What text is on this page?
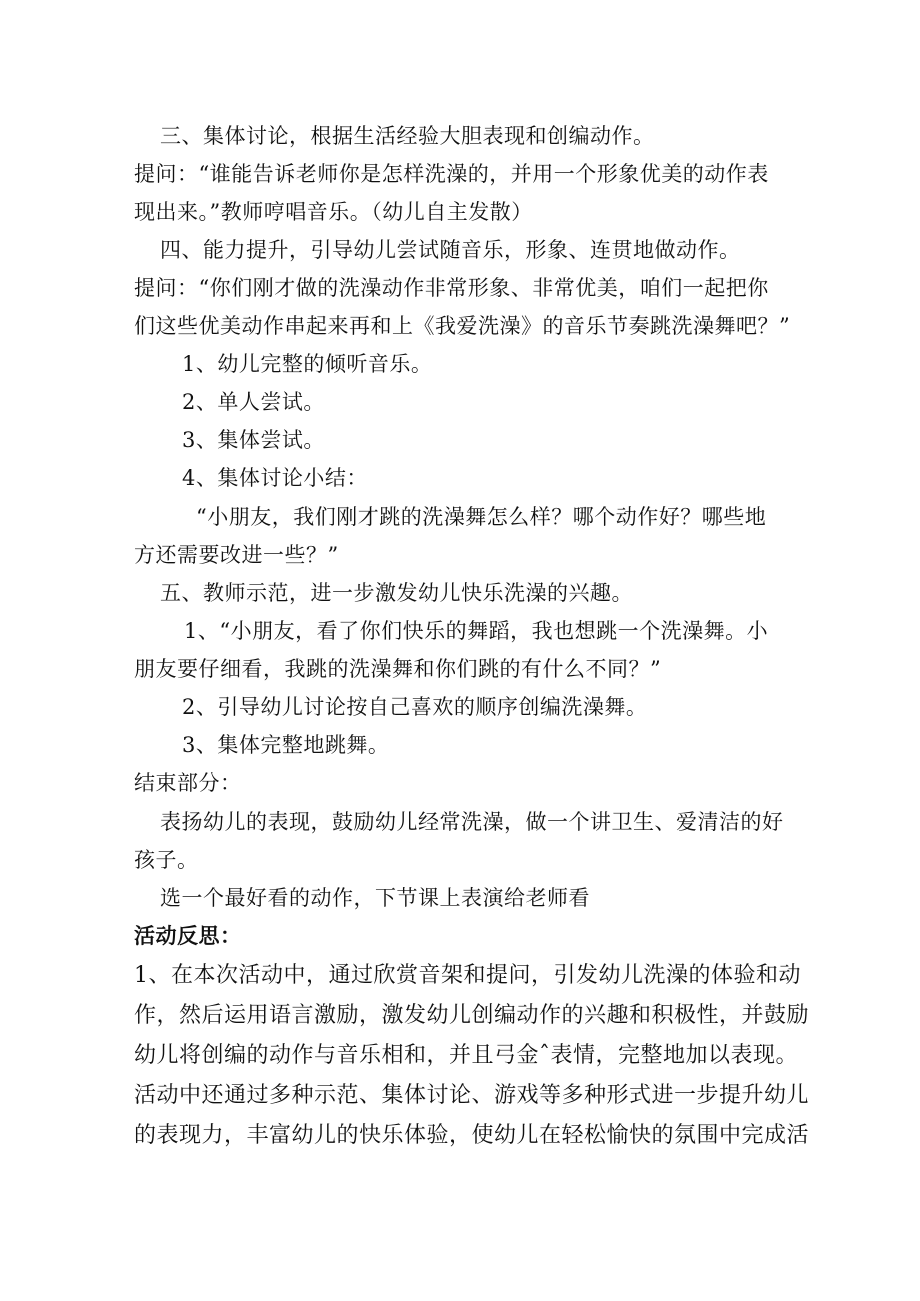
三、集体讨论，根据生活经验大胆表现和创编动作。
提问：“谁能告诉老师你是怎样洗澡的，并用一个形象优美的动作表
现出来。”教师哼唱音乐。（幼儿自主发散）
四、能力提升，引导幼儿尝试随音乐，形象、连贯地做动作。
提问：“你们刚才做的洗澡动作非常形象、非常优美，咱们一起把你
们这些优美动作串起来再和上《我爱洗澡》的音乐节奏跳洗澡舞吧？”
1、幼儿完整的倾听音乐。
2、单人尝试。
3、集体尝试。
4、集体讨论小结：
“小朋友，我们刚才跳的洗澡舞怎么样？哪个动作好？哪些地
方还需要改进一些？”
五、教师示范，进一步激发幼儿快乐洗澡的兴趣。
1、“小朋友，看了你们快乐的舞蹈，我也想跳一个洗澡舞。小
朋友要仔细看，我跳的洗澡舞和你们跳的有什么不同？”
2、引导幼儿讨论按自己喜欢的顺序创编洗澡舞。
3、集体完整地跳舞。
结束部分：
表扬幼儿的表现，鼓励幼儿经常洗澡，做一个讲卫生、爱清洁的好
孩子。
选一个最好看的动作，下节课上表演给老师看
活动反思：
1、在本次活动中，通过欣赏音架和提问，引发幼儿洗澡的体验和动
作，然后运用语言激励，激发幼儿创编动作的兴趣和积极性，并鼓励
幼儿将创编的动作与音乐相和，并且弓金ˆ表情，完整地加以表现。
活动中还通过多种示范、集体讨论、游戏等多种形式进一步提升幼儿
的表现力，丰富幼儿的快乐体验，使幼儿在轻松愉快的氛围中完成活
